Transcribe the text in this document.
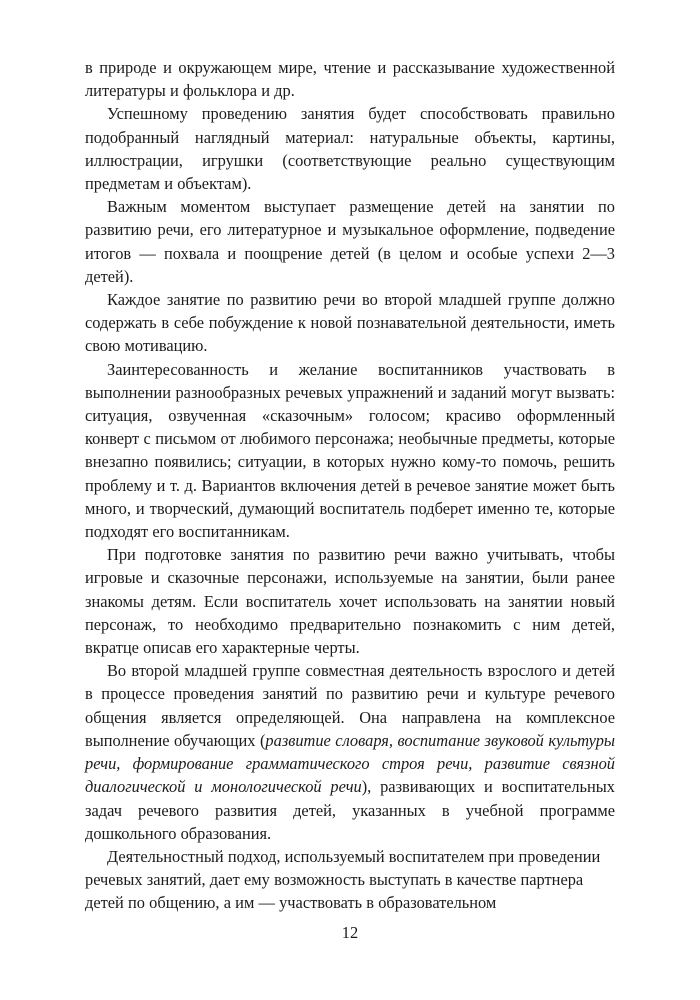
в природе и окружающем мире, чтение и рассказывание художественной литературы и фольклора и др.

Успешному проведению занятия будет способствовать правильно подобранный наглядный материал: натуральные объекты, картины, иллюстрации, игрушки (соответствующие реально существующим предметам и объектам).

Важным моментом выступает размещение детей на занятии по развитию речи, его литературное и музыкальное оформление, подведение итогов — похвала и поощрение детей (в целом и особые успехи 2—3 детей).

Каждое занятие по развитию речи во второй младшей группе должно содержать в себе побуждение к новой познавательной деятельности, иметь свою мотивацию.

Заинтересованность и желание воспитанников участвовать в выполнении разнообразных речевых упражнений и заданий могут вызвать: ситуация, озвученная «сказочным» голосом; красиво оформленный конверт с письмом от любимого персонажа; необычные предметы, которые внезапно появились; ситуации, в которых нужно кому-то помочь, решить проблему и т. д. Вариантов включения детей в речевое занятие может быть много, и творческий, думающий воспитатель подберет именно те, которые подходят его воспитанникам.

При подготовке занятия по развитию речи важно учитывать, чтобы игровые и сказочные персонажи, используемые на занятии, были ранее знакомы детям. Если воспитатель хочет использовать на занятии новый персонаж, то необходимо предварительно познакомить с ним детей, вкратце описав его характерные черты.

Во второй младшей группе совместная деятельность взрослого и детей в процессе проведения занятий по развитию речи и культуре речевого общения является определяющей. Она направлена на комплексное выполнение обучающих (развитие словаря, воспитание звуковой культуры речи, формирование грамматического строя речи, развитие связной диалогической и монологической речи), развивающих и воспитательных задач речевого развития детей, указанных в учебной программе дошкольного образования.

Деятельностный подход, используемый воспитателем при проведении речевых занятий, дает ему возможность выступать в качестве партнера детей по общению, а им — участвовать в образовательном

12
